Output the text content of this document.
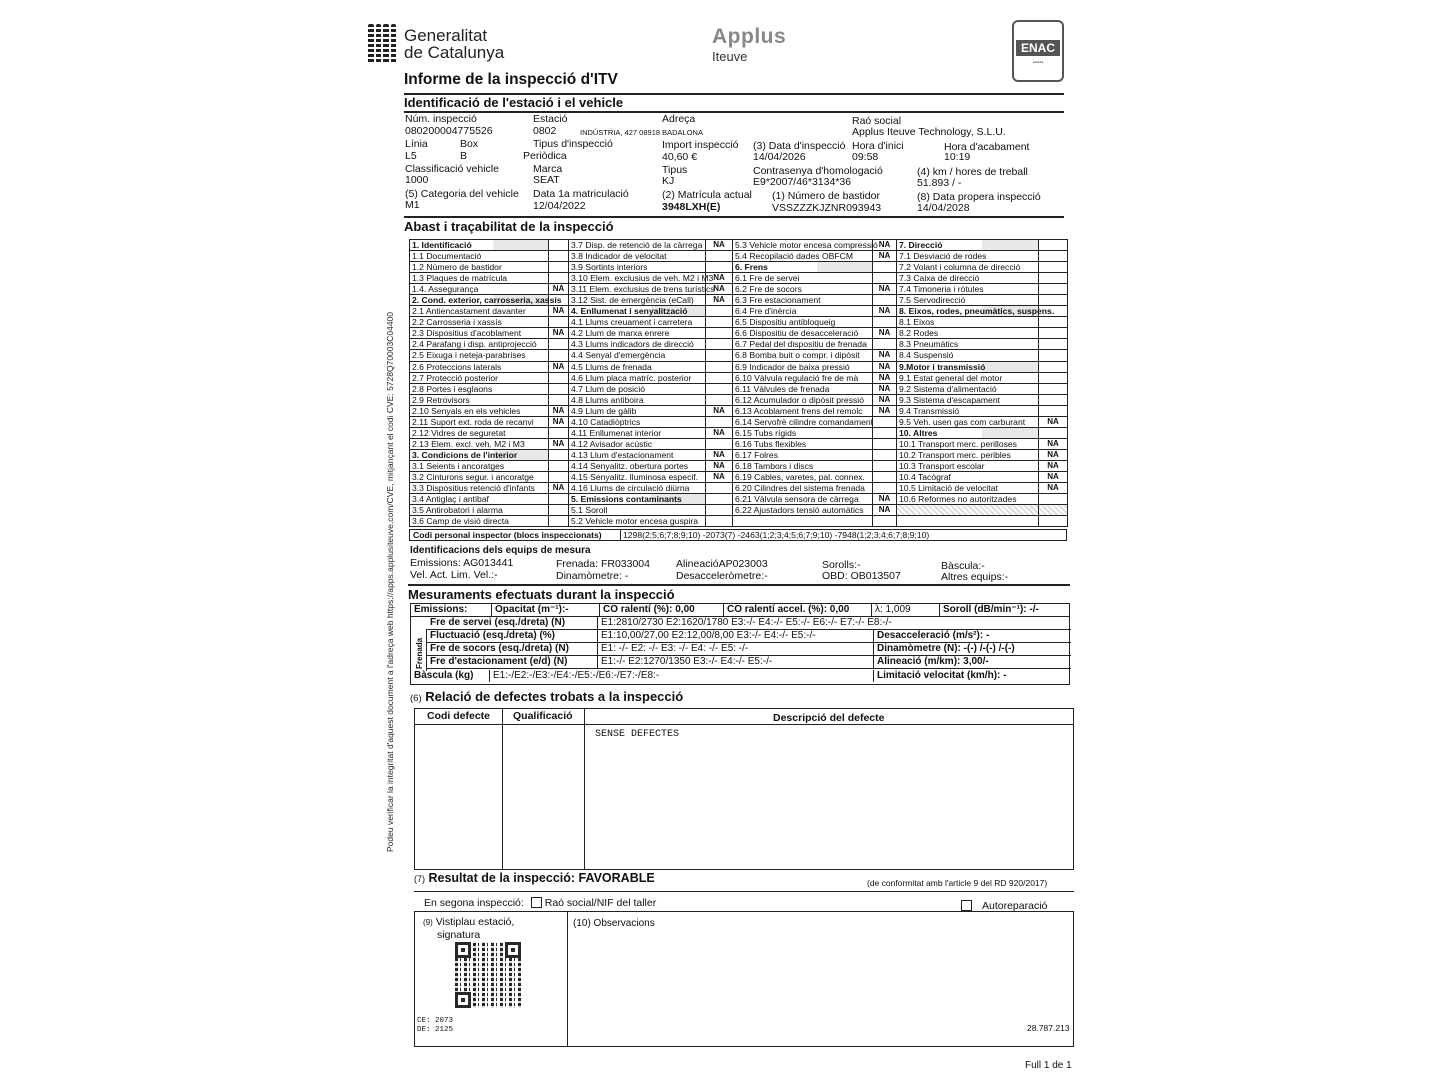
Podeu verificar la integritat d'aquest document a l'adreça web https://apps.applusiteuve.com/CVE, mitjançant el codi CVE: 5728Q70003C04400
Generalitat
de Catalunya
Applus
Iteuve
ENAC
▪▪▪▪▪
Informe de la inspecció d'ITV
Identificació de l'estació i el vehicle
Núm. inspecció
080200004775526
Estació
0802
Adreça
INDÚSTRIA, 427 08918 BADALONA
Raó social
Applus Iteuve Technology, S.L.U.
Línia
L5
Box
B
Tipus d'inspecció
Periòdica
Import inspecció
40,60 €
(3) Data d'inspecció
14/04/2026
Hora d'inici
09:58
Hora d'acabament
10:19
Classificació vehicle
1000
Marca
SEAT
Tipus
KJ
Contrasenya d'homologació
E9*2007/46*3134*36
(4) km / hores de treball
51.893 / -
(5) Categoria del vehicle
M1
Data 1a matriculació
12/04/2022
(2) Matrícula actual
3948LXH(E)
(1) Número de bastidor
VSSZZZKJZNR093943
(8) Data propera inspecció
14/04/2028
Abast i traçabilitat de la inspecció
1. Identificació		3.7 Disp. de retenció de la càrrega	NA	5.3 Vehicle motor encesa compressió	NA	7. Direcció	
1.1 Documentació		3.8 Indicador de velocitat		5.4 Recopilació dades OBFCM	NA	7.1 Desviació de rodes	
1.2 Número de bastidor		3.9 Sortints interiors		6. Frens		7.2 Volant i columna de direcció	
1.3 Plaques de matrícula		3.10 Elem. exclusius de veh. M2 i M3	NA	6.1 Fre de servei		7.3 Caixa de direcció	
1.4. Assegurança	NA	3.11 Elem. exclusius de trens turístics	NA	6.2 Fre de socors	NA	7.4 Timoneria i ròtules	
2. Cond. exterior, carrosseria, xassís		3.12 Sist. de emergència (eCall)	NA	6.3 Fre estacionament		7.5 Servodirecció	
2.1 Antiencastament davanter	NA	4. Enllumenat i senyalització		6.4 Fre d'inèrcia	NA	8. Eixos, rodes, pneumàtics, suspens.	
2.2 Carrosseria i xassís		4.1 Llums creuament i carretera		6.5 Dispositiu antibloqueig		8.1 Eixos	
2.3 Dispositius d'acoblament	NA	4.2 Llum de marxa enrere		6.6 Dispositiu de desacceleració	NA	8.2 Rodes	
2.4 Parafang i disp. antiprojecció		4.3 Llums indicadors de direcció		6.7 Pedal del dispositiu de frenada		8.3 Pneumàtics	
2.5 Eixuga i neteja-parabrises		4.4 Senyal d'emergència		6.8 Bomba buit o compr. i dipòsit	NA	8.4 Suspensió	
2.6 Proteccions laterals	NA	4.5 Llums de frenada		6.9 Indicador de baixa pressió	NA	9.Motor i transmissió	
2.7 Protecció posterior		4.6 Llum placa matríc. posterior		6.10 Vàlvula regulació fre de mà	NA	9.1 Estat general del motor	
2.8 Portes i esglaons		4.7 Llum de posició		6.11 Vàlvules de frenada	NA	9.2 Sistema d'alimentació	
2.9 Retrovisors		4.8 Llums antiboira		6.12 Acumulador o dipòsit pressió	NA	9.3 Sistema d'escapament	
2.10 Senyals en els vehicles	NA	4.9 Llum de gàlib	NA	6.13 Acoblament frens del remolc	NA	9.4 Transmissió	
2.11 Suport ext. roda de recanvi	NA	4.10 Catadiòptrics		6.14 Servofrè cilindre comandament		9.5 Veh. usen gas com carburant	NA
2.12 Vidres de seguretat		4.11 Enllumenat interior	NA	6.15 Tubs rígids		10. Altres	
2.13 Elem. excl. veh. M2 i M3	NA	4.12 Avisador acústic		6.16 Tubs flexibles		10.1 Transport merc. perilloses	NA
3. Condicions de l'interior		4.13 Llum d'estacionament	NA	6.17 Folres		10.2 Transport merc. peribles	NA
3.1 Seients i ancoratges		4.14 Senyalitz. obertura portes	NA	6.18 Tambors i discs		10.3 Transport escolar	NA
3.2 Cinturons segur. i ancoratge		4.15 Senyalitz. lluminosa especif.	NA	6.19 Cables, varetes, pal. connex.		10.4 Tacògraf	NA
3.3 Dispositius retenció d'infants	NA	4.16 Llums de circulació diürna		6.20 Cilindres del sistema frenada		10.5 Limitació de velocitat	NA
3.4 Antiglaç i antibaf		5. Emissions contaminants		6.21 Vàlvula sensora de càrrega	NA	10.6 Reformes no autoritzades	
3.5 Antirobatori i alarma		5.1 Soroll		6.22 Ajustadors tensió automàtics	NA		
3.6 Camp de visió directa		5.2 Vehicle motor encesa guspira					
Codi personal inspector (blocs inspeccionats)	1298(2;5;6;7;8;9;10) -2073(7) -2463(1;2;3;4;5;6;7;9;10) -7948(1;2;3;4;6;7;8;9;10)
Identificacions dels equips de mesura
Emissions: AG013441	Frenada: FR033004 AlineacióAP023003	Sorolls:-	Bàscula:-
Vel. Act. Lim. Vel.:-	Dinamòmetre: -	Desacceleròmetre:-	OBD: OB013507	Altres equips:-
Mesuraments efectuats durant la inspecció
Emissions:	Opacitat (m⁻¹):-	CO ralentí (%): 0,00	CO ralentí accel. (%): 0,00	λ: 1,009	Soroll (dB/min⁻¹): -/-
Frenada
Fre de servei (esq./dreta) (N)	E1:2810/2730 E2:1620/1780 E3:-/- E4:-/- E5:-/- E6:-/- E7:-/- E8:-/-
Fluctuació (esq./dreta) (%)	E1:10,00/27,00 E2:12,00/8,00 E3:-/- E4:-/- E5:-/-	Desacceleració (m/s²): -
Fre de socors (esq./dreta) (N)	E1: -/- E2: -/- E3: -/- E4: -/- E5: -/-	Dinamòmetre (N): -(-) /-(-) /-(-)
Fre d'estacionament (e/d) (N)	E1:-/- E2:1270/1350 E3:-/- E4:-/- E5:-/-	Alineació (m/km): 3,00/-
Bàscula (kg)	E1:-/E2:-/E3:-/E4:-/E5:-/E6:-/E7:-/E8:-	Limitació velocitat (km/h): -
(6) Relació de defectes trobats a la inspecció
Codi defecte Qualificació	Descripció del defecte
SENSE DEFECTES
(7) Resultat de la inspecció: FAVORABLE	(de conformitat amb l'article 9 del RD 920/2017)
En segona inspecció: Raó social/NIF del taller	Autoreparació
(9) Vistiplau estació,
signatura
(10) Observacions
CE: 2073
DE: 2125	28.787.213
Full 1 de 1
